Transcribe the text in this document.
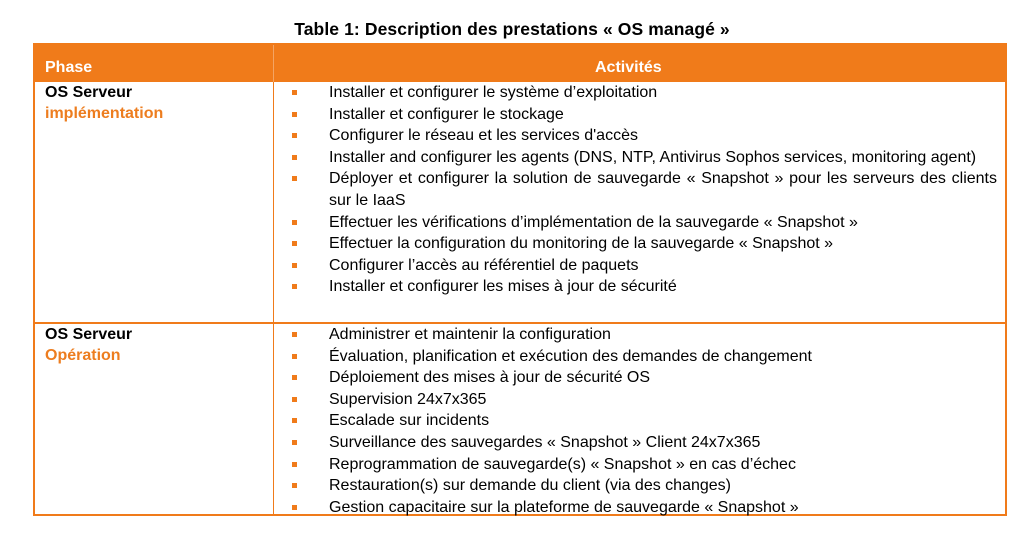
Table 1: Description des prestations « OS managé »
Phase	Activités
OS Serveur
implémentation
Installer et configurer le système d’exploitation
Installer et configurer le stockage
Configurer le réseau et les services d'accès
Installer and configurer les agents (DNS, NTP, Antivirus Sophos services, monitoring agent)
Déployer et configurer la solution de sauvegarde « Snapshot » pour les serveurs des clients sur le IaaS
Effectuer les vérifications d’implémentation de la sauvegarde « Snapshot »
Effectuer la configuration du monitoring de la sauvegarde « Snapshot »
Configurer l’accès au référentiel de paquets
Installer et configurer les mises à jour de sécurité
OS Serveur
Opération
Administrer et maintenir la configuration
Évaluation, planification et exécution des demandes de changement
Déploiement des mises à jour de sécurité OS
Supervision 24x7x365
Escalade sur incidents
Surveillance des sauvegardes « Snapshot » Client 24x7x365
Reprogrammation de sauvegarde(s) « Snapshot » en cas d’échec
Restauration(s) sur demande du client (via des changes)
Gestion capacitaire sur la plateforme de sauvegarde « Snapshot »
